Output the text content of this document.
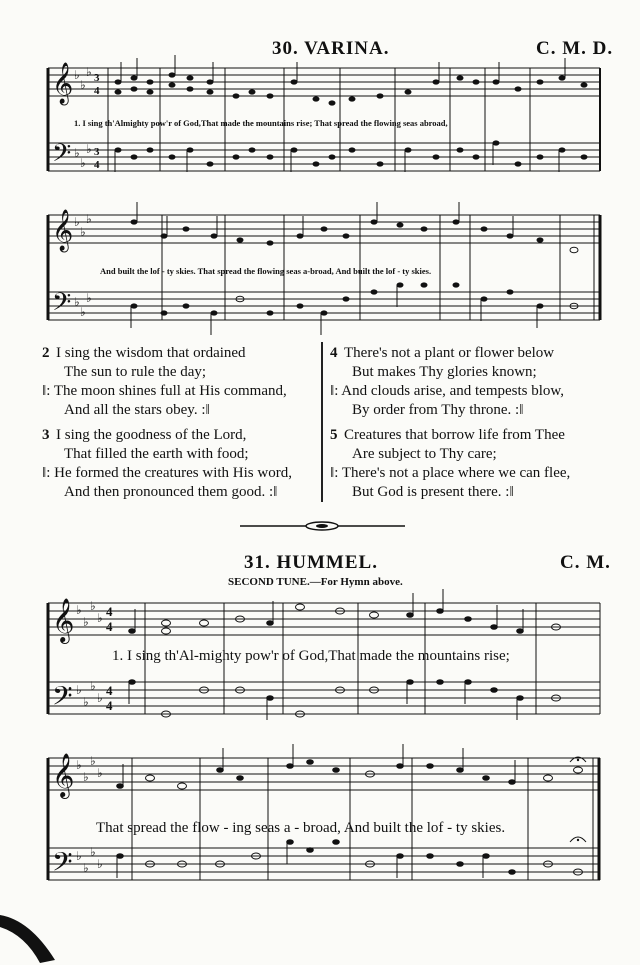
30. VARINA.	C. M. D.
𝄞
𝄢
♭
♭
♭
♭
♭
♭
3
4
3
4
1. I sing th'Almighty pow'r of God,That made the mountains rise; That spread the flowing seas abroad,
𝄞
𝄢
♭
♭
♭
♭
♭
♭
And built the lof - ty skies. That spread the flowing seas a-broad, And built the lof - ty skies.
2 I sing the wisdom that ordained
The sun to rule the day;
‖: The moon shines full at His command,
And all the stars obey. :‖
3 I sing the goodness of the Lord,
That filled the earth with food;
‖: He formed the creatures with His word,
And then pronounced them good. :‖
4 There's not a plant or flower below
But makes Thy glories known;
‖: And clouds arise, and tempests blow,
By order from Thy throne. :‖
5 Creatures that borrow life from Thee
Are subject to Thy care;
‖: There's not a place where we can flee,
But God is present there. :‖
31. HUMMEL.	C. M.
SECOND TUNE.—For Hymn above.
𝄞
𝄢
♭
♭
♭
♭
♭
♭
♭
♭
4
4
4
4
1. I sing th'Al-mighty pow'r of God,That made the mountains rise;
𝄞
𝄢
♭
♭
♭
♭
♭
♭
♭
♭
That spread the flow - ing seas a - broad, And built the lof - ty skies.
